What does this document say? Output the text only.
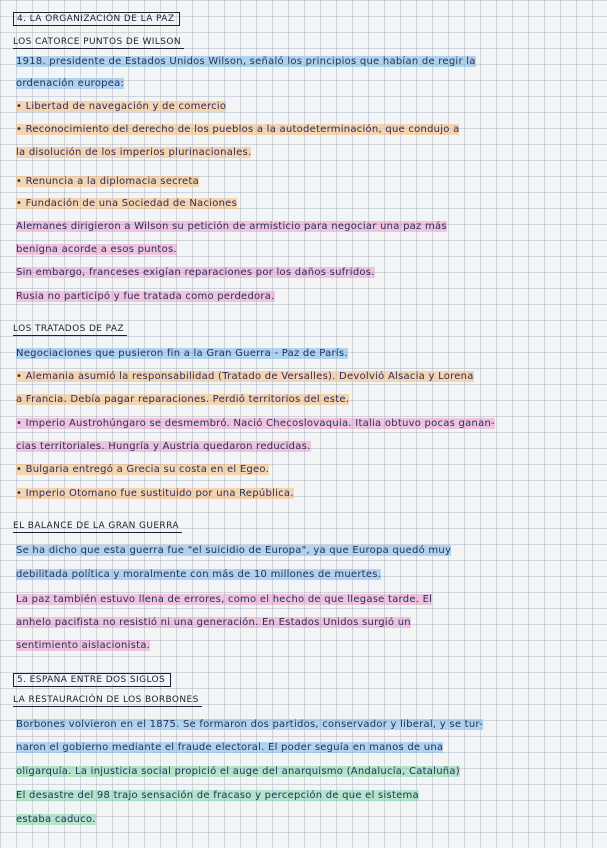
4. LA ORGANIZACIÓN DE LA PAZ
LOS CATORCE PUNTOS DE WILSON
1918. presidente de Estados Unidos Wilson, señaló los principios que habían de regir la
ordenación europea:
• Libertad de navegación y de comercio
• Reconocimiento del derecho de los pueblos a la autodeterminación, que condujo a
la disolución de los imperios plurinacionales.
• Renuncia a la diplomacia secreta
• Fundación de una Sociedad de Naciones
Alemanes dirigieron a Wilson su petición de armisticio para negociar una paz más
benigna acorde a esos puntos.
Sin embargo, franceses exigían reparaciones por los daños sufridos.
Rusia no participó y fue tratada como perdedora.
LOS TRATADOS DE PAZ
Negociaciones que pusieron fin a la Gran Guerra - Paz de París.
• Alemania asumió la responsabilidad (Tratado de Versalles). Devolvió Alsacia y Lorena
a Francia. Debía pagar reparaciones. Perdió territorios del este.
• Imperio Austrohúngaro se desmembró. Nació Checoslovaquia. Italia obtuvo pocas ganan-
cias territoriales. Hungría y Austria quedaron reducidas.
• Bulgaria entregó a Grecia su costa en el Egeo.
• Imperio Otomano fue sustituido por una República.
EL BALANCE DE LA GRAN GUERRA
Se ha dicho que esta guerra fue "el suicidio de Europa", ya que Europa quedó muy
debilitada política y moralmente con más de 10 millones de muertes.
La paz también estuvo llena de errores, como el hecho de que llegase tarde. El
anhelo pacifista no resistió ni una generación. En Estados Unidos surgió un
sentimiento aislacionista.
5. ESPAÑA ENTRE DOS SIGLOS
LA RESTAURACIÓN DE LOS BORBONES
Borbones volvieron en el 1875. Se formaron dos partidos, conservador y liberal, y se tur-
naron el gobierno mediante el fraude electoral. El poder seguía en manos de una
oligarquía. La injusticia social propició el auge del anarquismo (Andalucía, Cataluña)
El desastre del 98 trajo sensación de fracaso y percepción de que el sistema
estaba caduco.
